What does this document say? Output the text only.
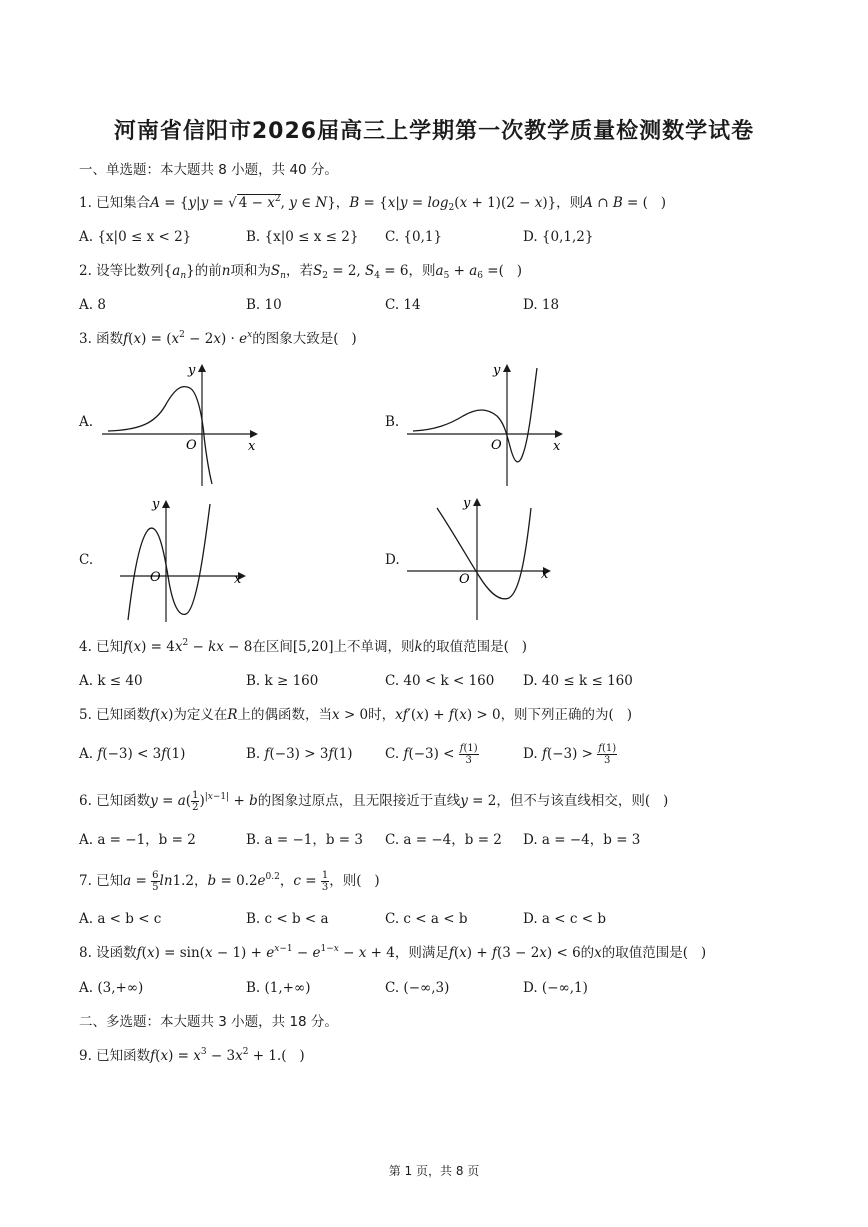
河南省信阳市2026届高三上学期第一次教学质量检测数学试卷
一、单选题：本大题共 8 小题，共 40 分。
1. 已知集合A = {y|y = √ $4 - x^2$, y ∈ N}，$B = \{x|y = \log_2(x + 1)(2 - x)\}$，则A ∩ B = (   )
A. {x|0 ≤ x < 2}	B. {x|0 ≤ x ≤ 2} C. {0,1}	D. {0,1,2}
2. 设等比数列$\{a_n\}$的前n项和为$S_n$，若$S_2 = 2$, $S_4 = 6$，则$a_5 + a_6$ =(   )
A. 8	B. 10	C. 14	D. 18
3. 函数$f(x) = (x^2 - 2x) \cdot e^x$的图象大致是(   )
A.
O	x
y
B.
O	x
y
C.
O	x
y
D.
O	x
y
4. 已知$f(x) = 4x^2$ − kx − 8在区间[5,20]上不单调，则k的取值范围是(   )
A. k ≤ 40	B. k ≥ 160	C. 40 < k < 160 D. 40 ≤ k ≤ 160
5. 已知函数f(x)为定义在R上的偶函数，当x > 0时，xf′(x) + f(x) > 0，则下列正确的为(   )
A. f(−3) < 3f(1)	B. f(−3) > 3f(1) C. $f(-3) < \frac{f(1)}{3}$	D. $f(-3) > \frac{f(1)}{3}$
6. 已知函数$y = a( \frac{1}{2} )^{|x-1|} + b$的图象过原点，且无限接近于直线y = 2，但不与该直线相交，则(   )
A. a = −1，b = 2	B. a = −1，b = 3 C. a = −4，b = 2 D. a = −4，b = 3
7. 已知$a = \frac{6}{5} \ln 1.2$，$b = 0.2e^{0.2}$，$c = \frac{1}{3}$ ，则(   )
A. a < b < c	B. c < b < a	C. c < a < b	D. a < c < b
8. 设函数$f(x) = \sin(x - 1) + e^{x-1} - e^{1-x} - x + 4$，则满足f(x) + f(3 − 2x) < 6的x的取值范围是(   )
A. (3,+∞)	B. (1,+∞)	C. (−∞,3)	D. (−∞,1)
二、多选题：本大题共 3 小题，共 18 分。
9. 已知函数$f(x) = x^3 - 3x^2 + 1$.(   )
第 1 页，共 8 页
